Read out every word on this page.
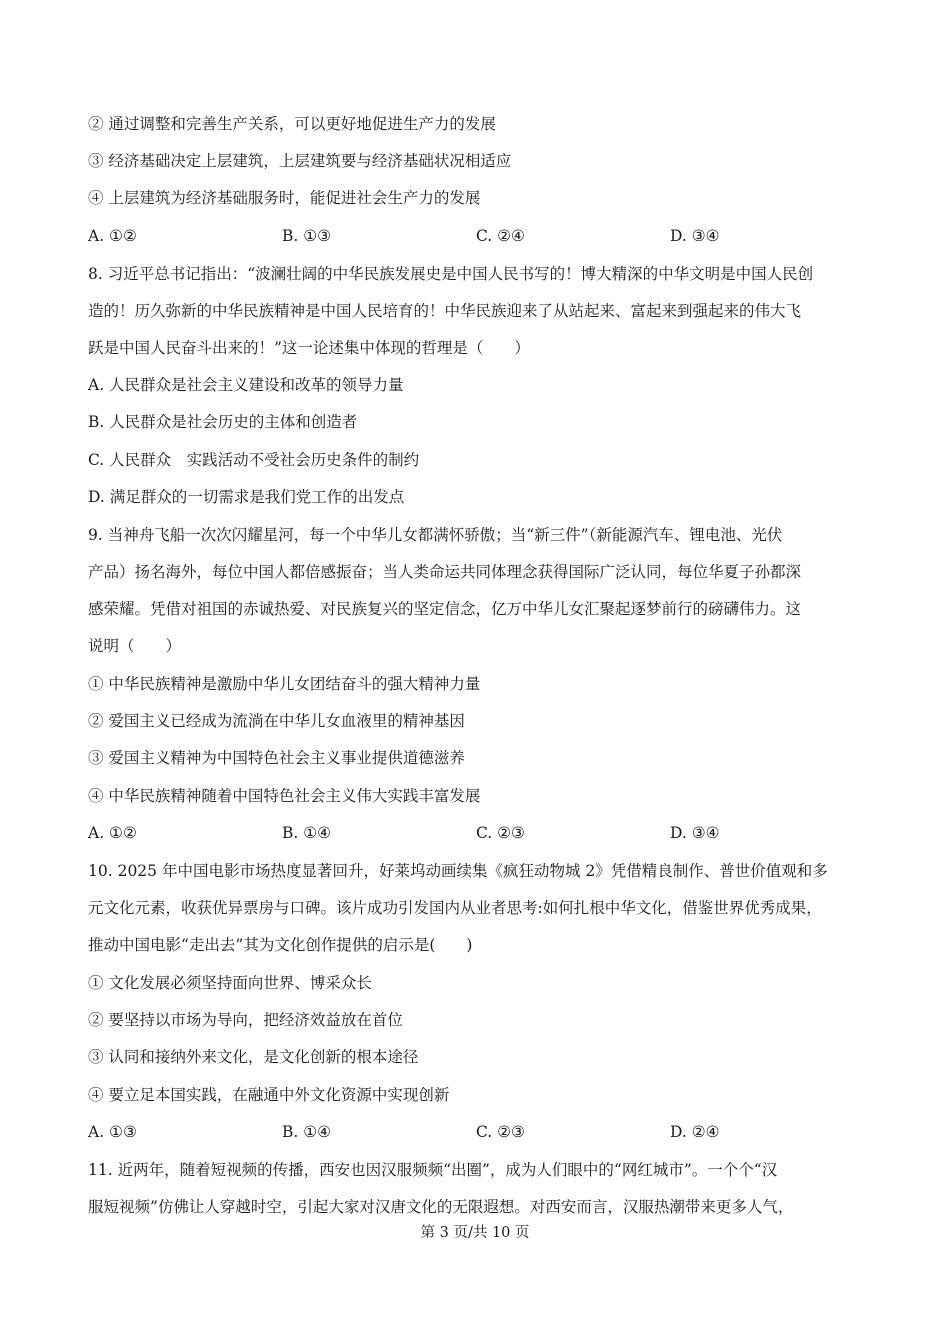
② 通过调整和完善生产关系，可以更好地促进生产力的发展
③ 经济基础决定上层建筑，上层建筑要与经济基础状况相适应
④ 上层建筑为经济基础服务时，能促进社会生产力的发展
A. ①②	B. ①③	C. ②④	D. ③④
8. 习近平总书记指出：“波澜壮阔的中华民族发展史是中国人民书写的！博大精深的中华文明是中国人民创
造的！历久弥新的中华民族精神是中国人民培育的！中华民族迎来了从站起来、富起来到强起来的伟大飞
跃是中国人民奋斗出来的！”这一论述集中体现的哲理是（　　）
A. 人民群众是社会主义建设和改革的领导力量
B. 人民群众是社会历史的主体和创造者
C. 人民群众　实践活动不受社会历史条件的制约
D. 满足群众的一切需求是我们党工作的出发点
9. 当神舟飞船一次次闪耀星河，每一个中华儿女都满怀骄傲；当“新三件”（新能源汽车、锂电池、光伏
产品）扬名海外，每位中国人都倍感振奋；当人类命运共同体理念获得国际广泛认同，每位华夏子孙都深
感荣耀。凭借对祖国的赤诚热爱、对民族复兴的坚定信念，亿万中华儿女汇聚起逐梦前行的磅礴伟力。这
说明（　　）
① 中华民族精神是激励中华儿女团结奋斗的强大精神力量
② 爱国主义已经成为流淌在中华儿女血液里的精神基因
③ 爱国主义精神为中国特色社会主义事业提供道德滋养
④ 中华民族精神随着中国特色社会主义伟大实践丰富发展
A. ①②	B. ①④	C. ②③	D. ③④
10. 2025 年中国电影市场热度显著回升，好莱坞动画续集《疯狂动物城 2》凭借精良制作、普世价值观和多
元文化元素，收获优异票房与口碑。该片成功引发国内从业者思考:如何扎根中华文化，借鉴世界优秀成果，
推动中国电影“走出去”其为文化创作提供的启示是(　　)
① 文化发展必须坚持面向世界、博采众长
② 要坚持以市场为导向，把经济效益放在首位
③ 认同和接纳外来文化，是文化创新的根本途径
④ 要立足本国实践，在融通中外文化资源中实现创新
A. ①③	B. ①④	C. ②③	D. ②④
11. 近两年，随着短视频的传播，西安也因汉服频频“出圈”，成为人们眼中的“网红城市”。一个个“汉
服短视频”仿佛让人穿越时空，引起大家对汉唐文化的无限遐想。对西安而言，汉服热潮带来更多人气，
第 3 页/共 10 页
